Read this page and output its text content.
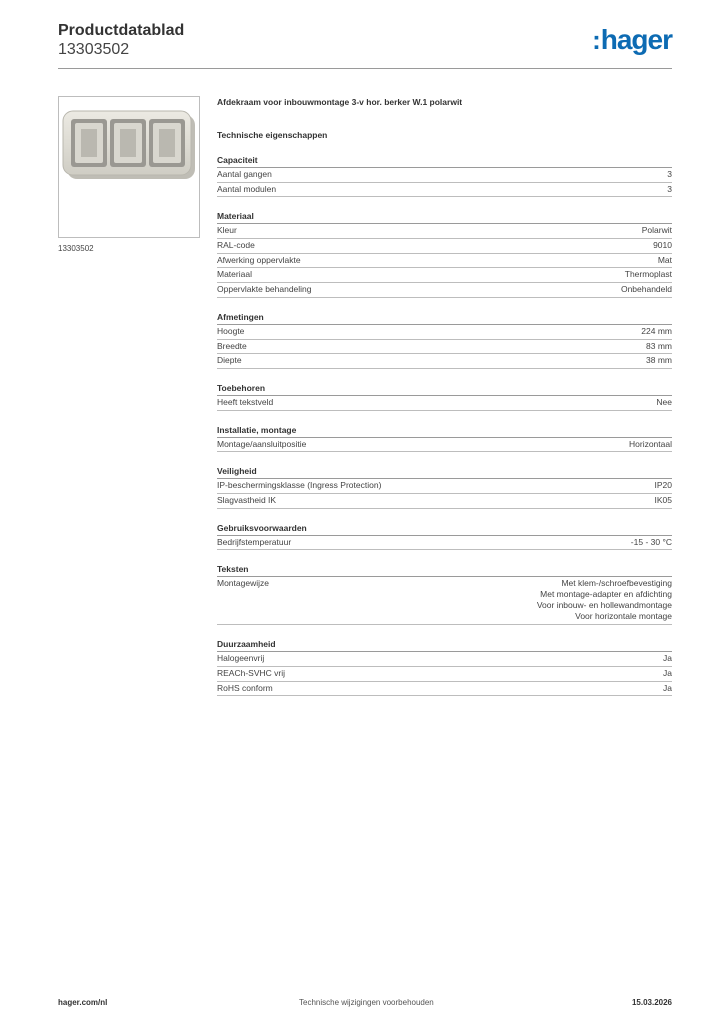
Productdatablad
13303502	:hager
13303502
Afdekraam voor inbouwmontage 3-v hor. berker W.1 polarwit
Technische eigenschappen
Capaciteit
Aantal gangen	3
Aantal modulen	3
Materiaal
Kleur	Polarwit
RAL-code	9010
Afwerking oppervlakte	Mat
Materiaal	Thermoplast
Oppervlakte behandeling	Onbehandeld
Afmetingen
Hoogte	224 mm
Breedte	83 mm
Diepte	38 mm
Toebehoren
Heeft tekstveld	Nee
Installatie, montage
Montage/aansluitpositie	Horizontaal
Veiligheid
IP-beschermingsklasse (Ingress Protection)	IP20
Slagvastheid IK	IK05
Gebruiksvoorwaarden
Bedrijfstemperatuur	-15 - 30 °C
Teksten
Montagewijze	Met klem-/schroefbevestiging
Met montage-adapter en afdichting
Voor inbouw- en hollewandmontage
Voor horizontale montage
Duurzaamheid
Halogeenvrij	Ja
REACh-SVHC vrij	Ja
RoHS conform	Ja
hager.com/nl	Technische wijzigingen voorbehouden	15.03.2026
